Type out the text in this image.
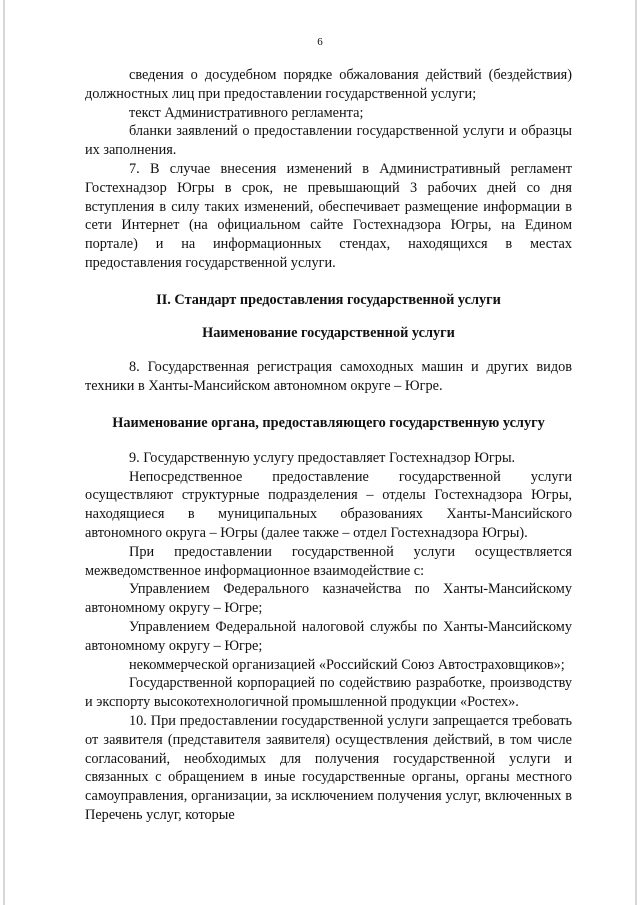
6

сведения о досудебном порядке обжалования действий (бездействия) должностных лиц при предоставлении государственной услуги;

текст Административного регламента;

бланки заявлений о предоставлении государственной услуги и образцы их заполнения.

7. В случае внесения изменений в Административный регламент Гостехнадзор Югры в срок, не превышающий 3 рабочих дней со дня вступления в силу таких изменений, обеспечивает размещение информации в сети Интернет (на официальном сайте Гостехнадзора Югры, на Едином портале) и на информационных стендах, находящихся в местах предоставления государственной услуги.

II. Стандарт предоставления государственной услуги

Наименование государственной услуги

8. Государственная регистрация самоходных машин и других видов техники в Ханты-Мансийском автономном округе – Югре.

Наименование органа, предоставляющего государственную услугу

9. Государственную услугу предоставляет Гостехнадзор Югры.

Непосредственное предоставление государственной услуги осуществляют структурные подразделения – отделы Гостехнадзора Югры, находящиеся в муниципальных образованиях Ханты-Мансийского автономного округа – Югры (далее также – отдел Гостехнадзора Югры).

При предоставлении государственной услуги осуществляется межведомственное информационное взаимодействие с:

Управлением Федерального казначейства по Ханты-Мансийскому автономному округу – Югре;

Управлением Федеральной налоговой службы по Ханты-Мансийскому автономному округу – Югре;

некоммерческой организацией «Российский Союз Автостраховщиков»;

Государственной корпорацией по содействию разработке, производству и экспорту высокотехнологичной промышленной продукции «Ростех».

10. При предоставлении государственной услуги запрещается требовать от заявителя (представителя заявителя) осуществления действий, в том числе согласований, необходимых для получения государственной услуги и связанных с обращением в иные государственные органы, органы местного самоуправления, организации, за исключением получения услуг, включенных в Перечень услуг, которые
